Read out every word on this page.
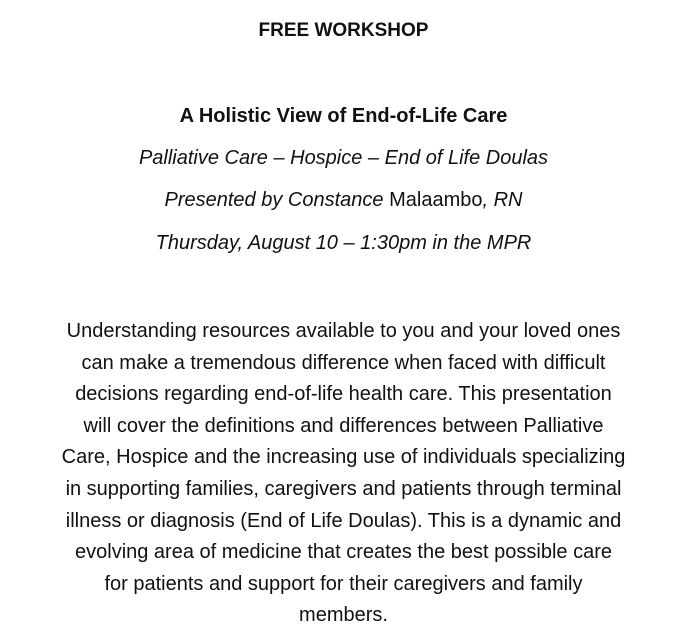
FREE WORKSHOP
A Holistic View of End-of-Life Care
Palliative Care – Hospice – End of Life Doulas
Presented by Constance Malaambo, RN
Thursday, August 10 – 1:30pm in the MPR
Understanding resources available to you and your loved ones
can make a tremendous difference when faced with difficult
decisions regarding end-of-life health care. This presentation
will cover the definitions and differences between Palliative
Care, Hospice and the increasing use of individuals specializing
in supporting families, caregivers and patients through terminal
illness or diagnosis (End of Life Doulas). This is a dynamic and
evolving area of medicine that creates the best possible care
for patients and support for their caregivers and family
members.
